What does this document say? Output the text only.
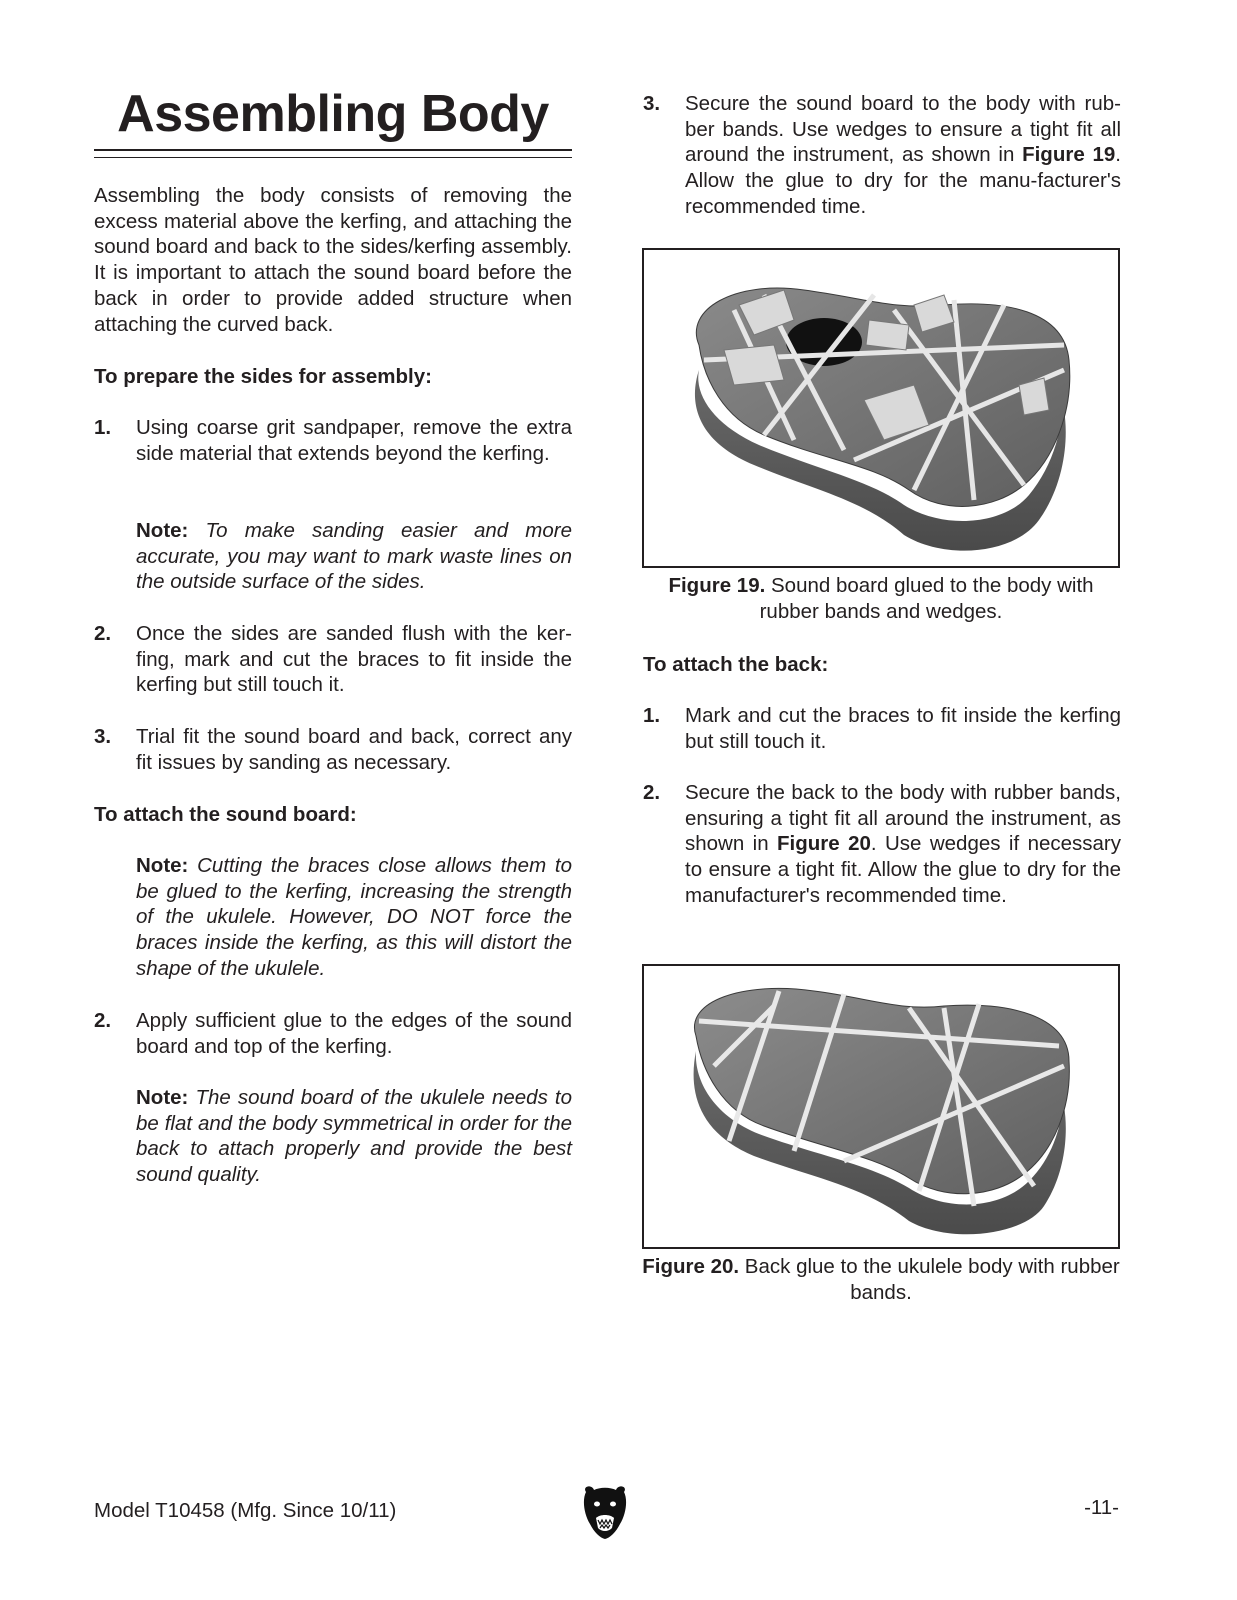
Assembling Body

Assembling the body consists of removing the excess material above the kerfing, and attaching the sound board and back to the sides/kerfing assembly. It is important to attach the sound board before the back in order to provide added structure when attaching the curved back.

To prepare the sides for assembly:
1. Using coarse grit sandpaper, remove the extra side material that extends beyond the kerfing.
Note: To make sanding easier and more accurate, you may want to mark waste lines on the outside surface of the sides.
2. Once the sides are sanded flush with the ker-fing, mark and cut the braces to fit inside the kerfing but still touch it.
3. Trial fit the sound board and back, correct any fit issues by sanding as necessary.
To attach the sound board:
Note: Cutting the braces close allows them to be glued to the kerfing, increasing the strength of the ukulele. However, DO NOT force the braces inside the kerfing, as this will distort the shape of the ukulele.
2. Apply sufficient glue to the edges of the sound board and top of the kerfing.
Note: The sound board of the ukulele needs to be flat and the body symmetrical in order for the back to attach properly and provide the best sound quality.
3. Secure the sound board to the body with rub-ber bands. Use wedges to ensure a tight fit all around the instrument, as shown in Figure 19. Allow the glue to dry for the manu-facturer's recommended time.
Figure 19. Sound board glued to the body with rubber bands and wedges.
To attach the back:
1. Mark and cut the braces to fit inside the kerfing but still touch it.
2. Secure the back to the body with rubber bands, ensuring a tight fit all around the instrument, as shown in Figure 20. Use wedges if necessary to ensure a tight fit. Allow the glue to dry for the manufacturer's recommended time.
Figure 20. Back glue to the ukulele body with rubber bands.
Model T10458 (Mfg. Since 10/11)	-11-
